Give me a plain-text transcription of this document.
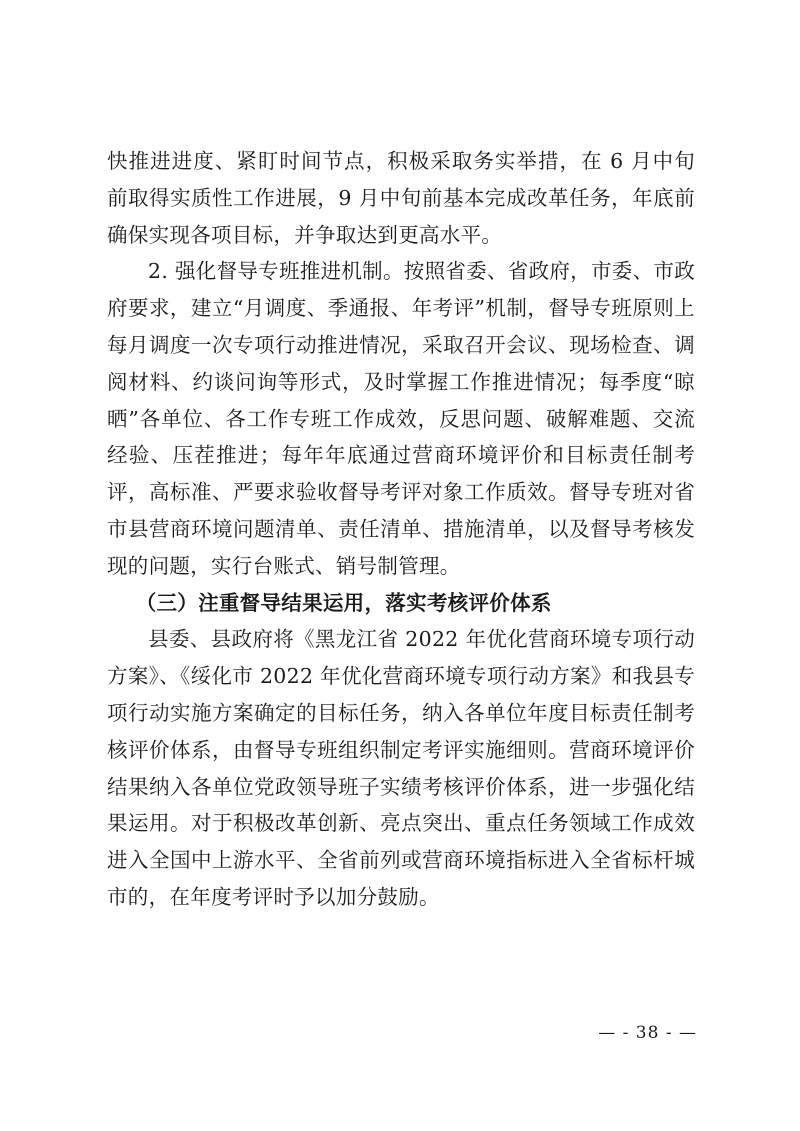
快推进进度、紧盯时间节点，积极采取务实举措，在 6 月中旬前取得实质性工作进展，9 月中旬前基本完成改革任务，年底前确保实现各项目标，并争取达到更高水平。

2. 强化督导专班推进机制。按照省委、省政府，市委、市政府要求，建立“月调度、季通报、年考评”机制，督导专班原则上每月调度一次专项行动推进情况，采取召开会议、现场检查、调阅材料、约谈问询等形式，及时掌握工作推进情况；每季度“晾晒”各单位、各工作专班工作成效，反思问题、破解难题、交流经验、压茬推进；每年年底通过营商环境评价和目标责任制考评，高标准、严要求验收督导考评对象工作质效。督导专班对省市县营商环境问题清单、责任清单、措施清单，以及督导考核发现的问题，实行台账式、销号制管理。

（三）注重督导结果运用，落实考核评价体系

县委、县政府将《黑龙江省 2022 年优化营商环境专项行动方案》、《绥化市 2022 年优化营商环境专项行动方案》和我县专项行动实施方案确定的目标任务，纳入各单位年度目标责任制考核评价体系，由督导专班组织制定考评实施细则。营商环境评价结果纳入各单位党政领导班子实绩考核评价体系，进一步强化结果运用。对于积极改革创新、亮点突出、重点任务领域工作成效进入全国中上游水平、全省前列或营商环境指标进入全省标杆城市的，在年度考评时予以加分鼓励。

— - 38 - —
